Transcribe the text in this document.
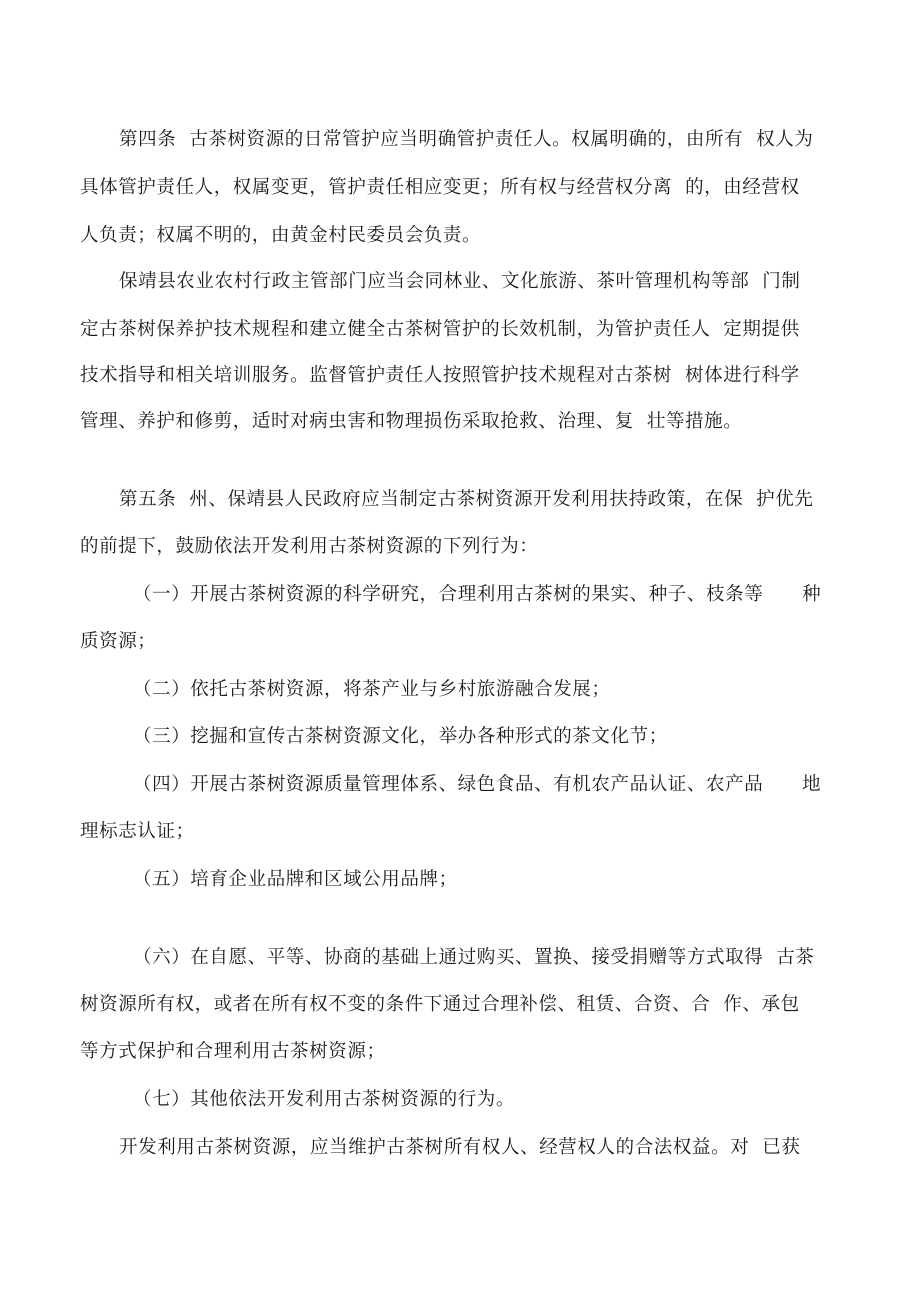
第四条  古茶树资源的日常管护应当明确管护责任人。权属明确的，由所有  权人为
具体管护责任人，权属变更，管护责任相应变更；所有权与经营权分离  的，由经营权
人负责；权属不明的，由黄金村民委员会负责。
保靖县农业农村行政主管部门应当会同林业、文化旅游、茶叶管理机构等部  门制
定古茶树保养护技术规程和建立健全古茶树管护的长效机制，为管护责任人  定期提供
技术指导和相关培训服务。监督管护责任人按照管护技术规程对古茶树  树体进行科学
管理、养护和修剪，适时对病虫害和物理损伤采取抢救、治理、复  壮等措施。
第五条  州、保靖县人民政府应当制定古茶树资源开发利用扶持政策，在保  护优先
的前提下，鼓励依法开发利用古茶树资源的下列行为：
（一）开展古茶树资源的科学研究，合理利用古茶树的果实、种子、枝条等      种
质资源；
（二）依托古茶树资源，将茶产业与乡村旅游融合发展；
（三）挖掘和宣传古茶树资源文化，举办各种形式的茶文化节；
（四）开展古茶树资源质量管理体系、绿色食品、有机农产品认证、农产品      地
理标志认证；
（五）培育企业品牌和区域公用品牌；
（六）在自愿、平等、协商的基础上通过购买、置换、接受捐赠等方式取得  古茶
树资源所有权，或者在所有权不变的条件下通过合理补偿、租赁、合资、合  作、承包
等方式保护和合理利用古茶树资源；
（七）其他依法开发利用古茶树资源的行为。
开发利用古茶树资源，应当维护古茶树所有权人、经营权人的合法权益。对  已获
